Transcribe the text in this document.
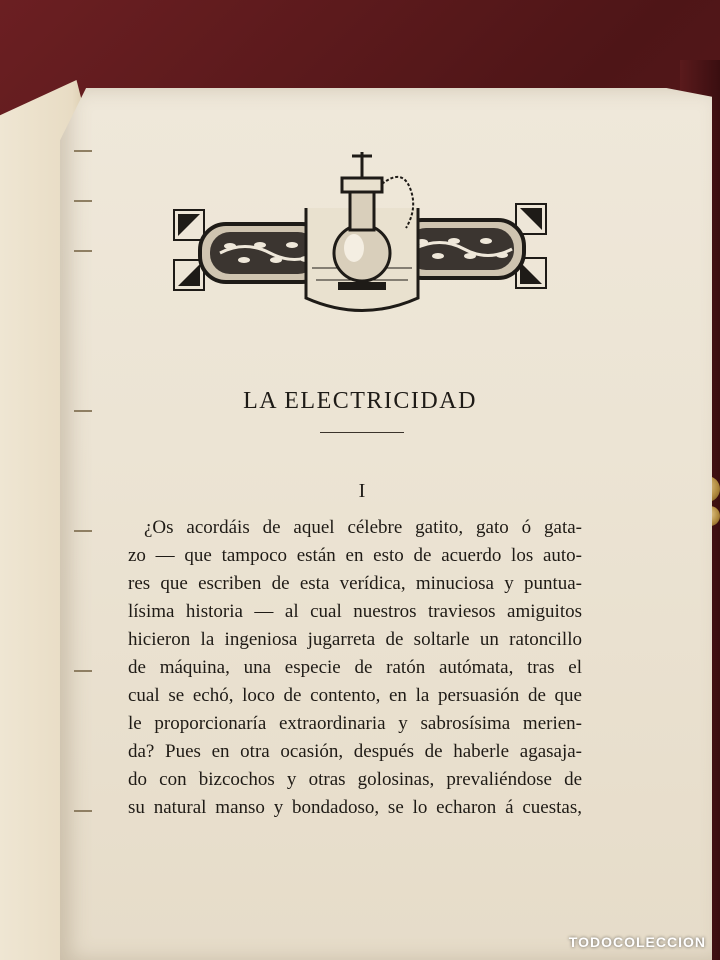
LA ELECTRICIDAD
I
¿Os acordáis de aquel célebre gatito, gato ó gata-
zo — que tampoco están en esto de acuerdo los auto-
res que escriben de esta verídica, minuciosa y puntua-
lísima historia — al cual nuestros traviesos amiguitos
hicieron la ingeniosa jugarreta de soltarle un ratoncillo
de máquina, una especie de ratón autómata, tras el
cual se echó, loco de contento, en la persuasión de que
le proporcionaría extraordinaria y sabrosísima merien-
da? Pues en otra ocasión, después de haberle agasaja-
do con bizcochos y otras golosinas, prevaliéndose de
su natural manso y bondadoso, se lo echaron á cuestas,
TODOCOLECCION
